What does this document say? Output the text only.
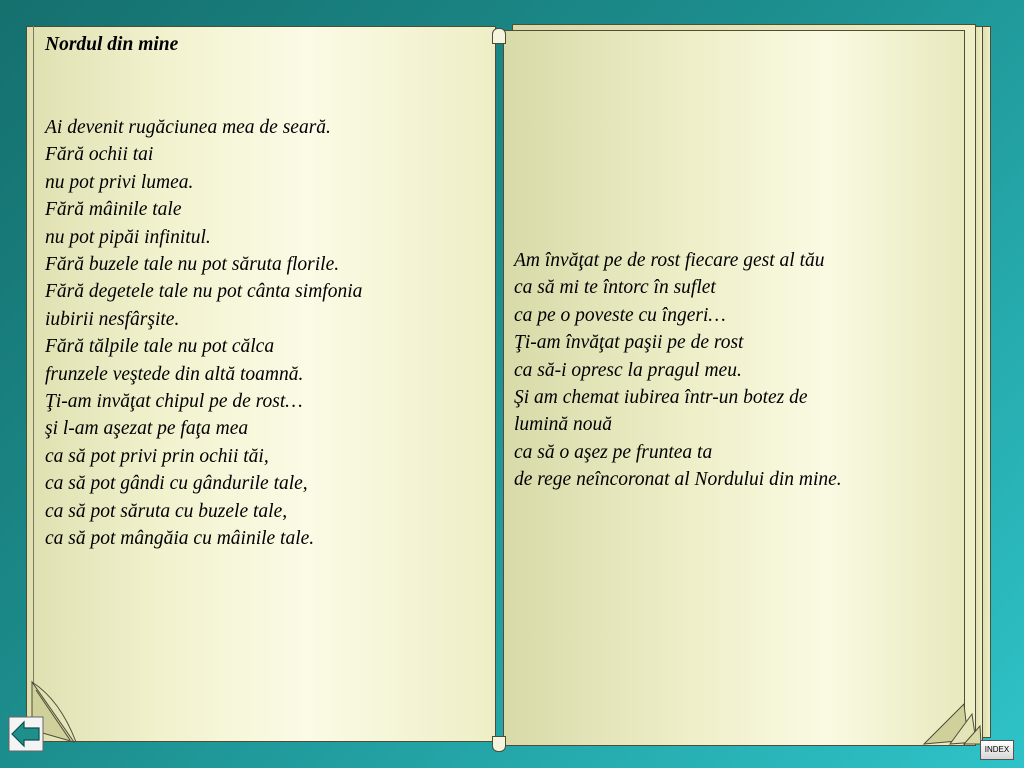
Nordul din mine
Ai devenit rugăciunea mea de seară.
Fără ochii tai
nu pot privi lumea.
Fără mâinile tale
nu pot pipăi infinitul.
Fără buzele tale nu pot săruta florile.
Fără degetele tale nu pot cânta simfonia
iubirii nesfârşite.
Fără tălpile tale nu pot călca
frunzele veştede din altă toamnă.
Ţi-am invăţat chipul pe de rost…
şi l-am aşezat pe faţa mea
ca să pot privi prin ochii tăi,
ca să pot gândi cu gândurile tale,
ca să pot săruta cu buzele tale,
ca să pot mângăia cu mâinile tale.
Am învăţat pe de rost fiecare gest al tău
ca să mi te întorc în suflet
ca pe o poveste cu îngeri…
Ţi-am învăţat paşii pe de rost
ca să-i opresc la pragul meu.
Şi am chemat iubirea într-un botez de
lumină nouă
ca să o aşez pe fruntea ta
de rege neîncoronat al Nordului din mine.
INDEX
